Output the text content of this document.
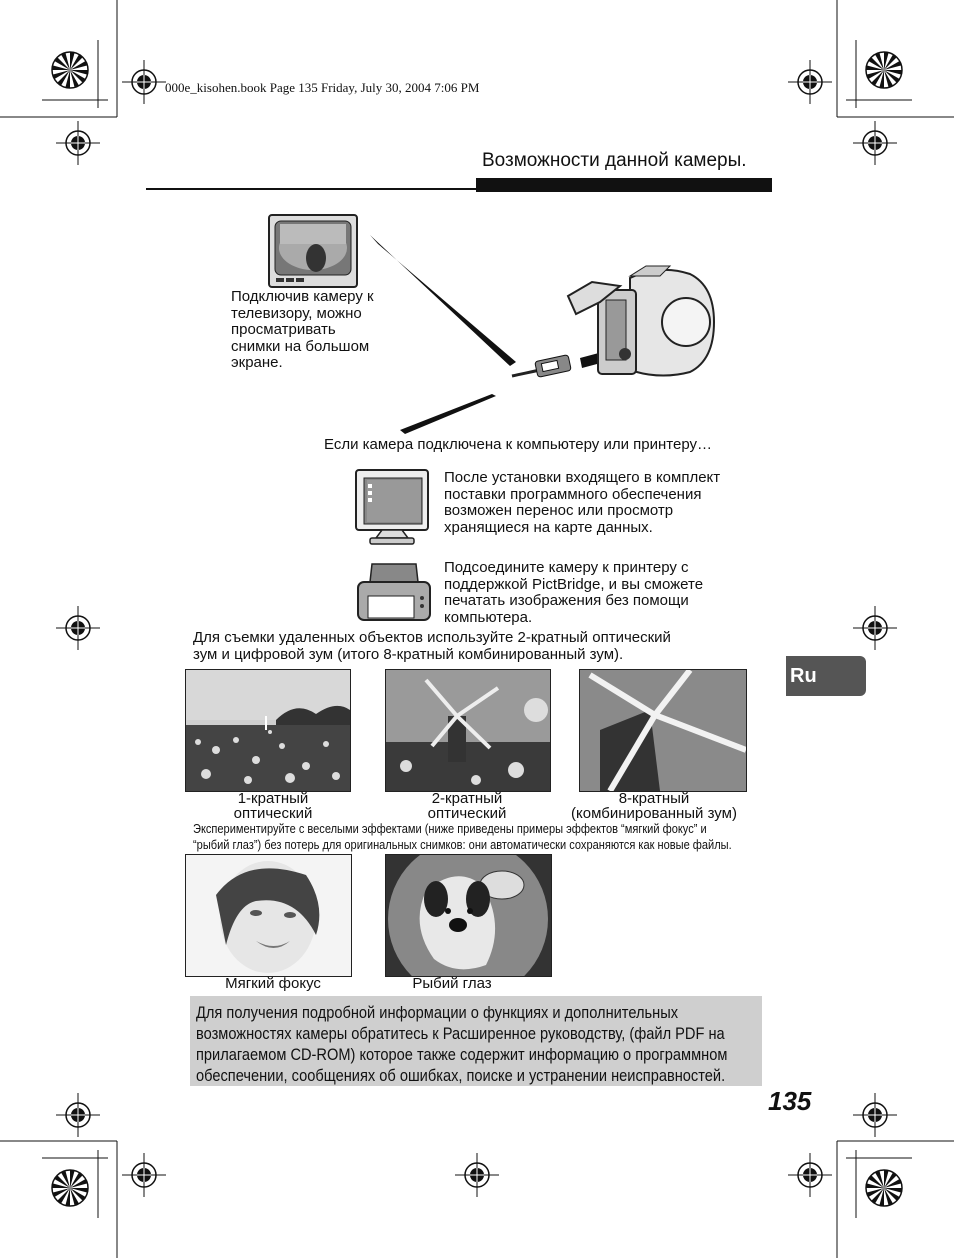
000e_kisohen.book Page 135 Friday, July 30, 2004 7:06 PM
Возможности данной камеры.
Подключив камеру к
телевизору, можно
просматривать
снимки на большом
экране.
Если камера подключена к компьютеру или принтеру…
После установки входящего в комплект
поставки программного обеспечения
возможен перенос или просмотр
хранящиеся на карте данных.
Подсоедините камеру к принтеру с
поддержкой PictBridge, и вы сможете
печатать изображения без помощи
компьютера.
Для съемки удаленных объектов используйте 2-кратный оптический
зум и цифровой зум (итого 8-кратный комбинированный зум).
1-кратный
оптический
2-кратный
оптический
8-кратный
(комбинированный зум)
Экспериментируйте с веселыми эффектами (ниже приведены примеры эффектов “мягкий фокус” и
“рыбий глаз”) без потерь для оригинальных снимков: они автоматически сохраняются как новые файлы.
Мягкий фокус	Рыбий глаз
Ru
Для получения подробной информации о функциях и дополнительных
возможностях камеры обратитесь к Расширенное руководству, (файл PDF на
прилагаемом CD-ROM) которое также содержит информацию о программном
обеспечении, сообщениях об ошибках, поиске и устранении неисправностей.
135
